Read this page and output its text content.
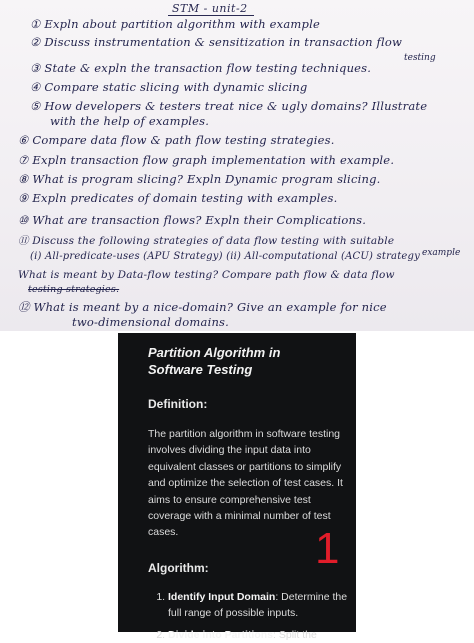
STM - unit-2
① Expln about partition algorithm with example
② Discuss instrumentation & sensitization in transaction flow
testing
③ State & expln the transaction flow testing techniques.
④ Compare static slicing with dynamic slicing
⑤ How developers & testers treat nice & ugly domains? Illustrate
with the help of examples.
⑥ Compare data flow & path flow testing strategies.
⑦ Expln transaction flow graph implementation with example.
⑧ What is program slicing? Expln Dynamic program slicing.
⑨ Expln predicates of domain testing with examples.
⑩ What are transaction flows? Expln their Complications.
⑪ Discuss the following strategies of data flow testing with suitable
example
(i) All-predicate-uses (APU Strategy) (ii) All-computational (ACU) strategy
What is meant by Data-flow testing? Compare path flow & data flow
testing strategies.
⑫ What is meant by a nice-domain? Give an example for nice
two-dimensional domains.
Partition Algorithm in Software Testing
Definition:

The partition algorithm in software testing involves dividing the input data into equivalent classes or partitions to simplify and optimize the selection of test cases. It aims to ensure comprehensive test coverage with a minimal number of test cases.

Algorithm:
1. Identify Input Domain: Determine the full range of possible inputs.
2. Divide into Partitions: Split the
1
